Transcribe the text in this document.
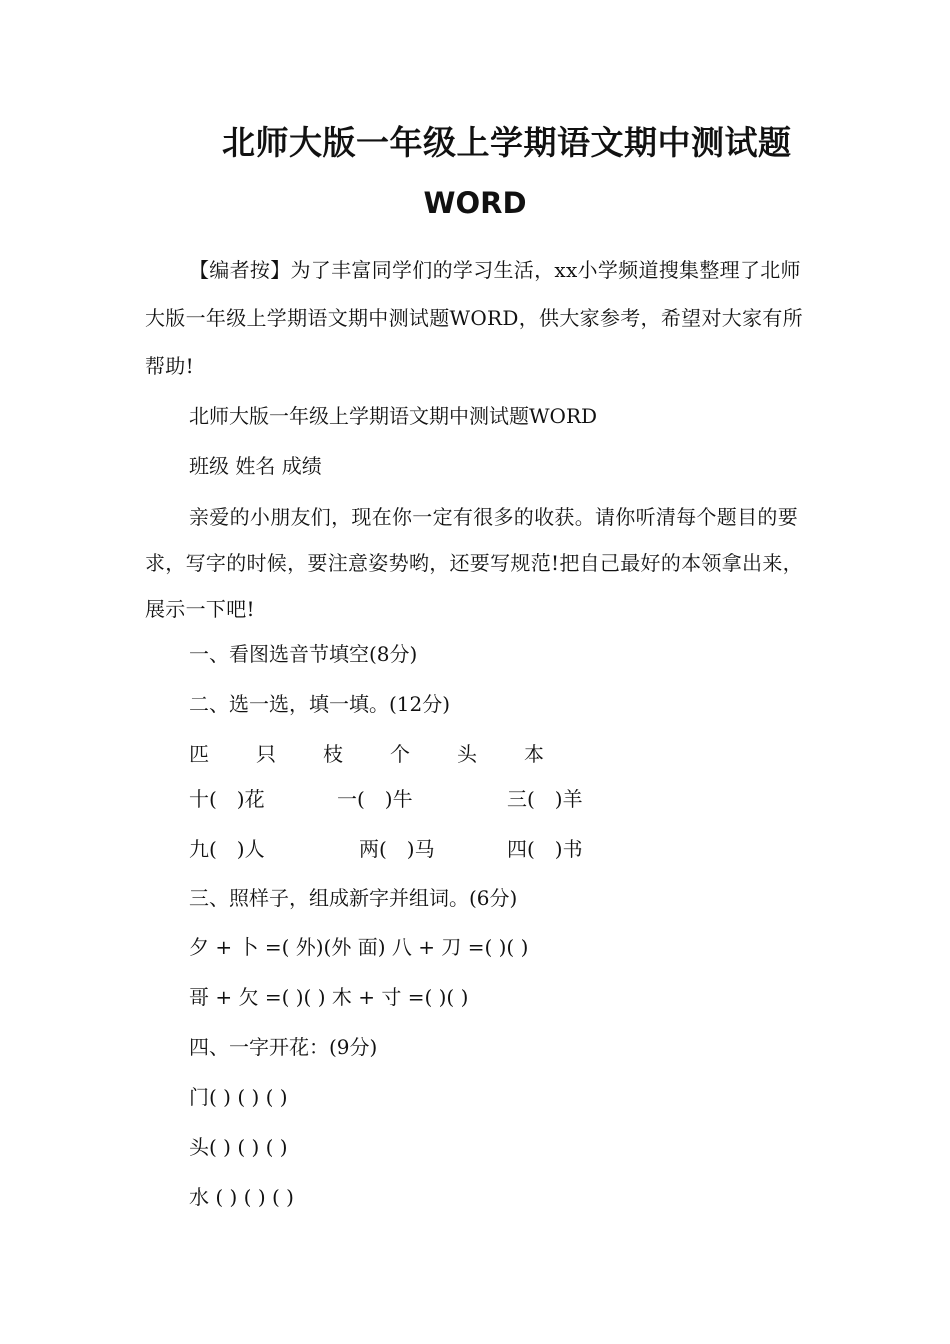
北师大版一年级上学期语文期中测试题
WORD

【编者按】为了丰富同学们的学习生活，xx小学频道搜集整理了北师大版一年级上学期语文期中测试题WORD，供大家参考，希望对大家有所帮助!

北师大版一年级上学期语文期中测试题WORD

班级 姓名 成绩

亲爱的小朋友们，现在你一定有很多的收获。请你听清每个题目的要求，写字的时候，要注意姿势哟，还要写规范!把自己最好的本领拿出来，展示一下吧!

一、看图选音节填空(8分)

二、选一选，填一填。(12分)

匹 只 枝 个 头 本
十(　)花	一(　)牛	三(　)羊
九(　)人	两(　)马	四(　)书

三、照样子，组成新字并组词。(6分)

夕 + 卜 =( 外)(外 面) 八 + 刀 =( )( )

哥 + 欠 =( )( ) 木 + 寸 =( )( )

四、一字开花：(9分)

门( ) ( ) ( )

头( ) ( ) ( )

水 ( ) ( ) ( )
